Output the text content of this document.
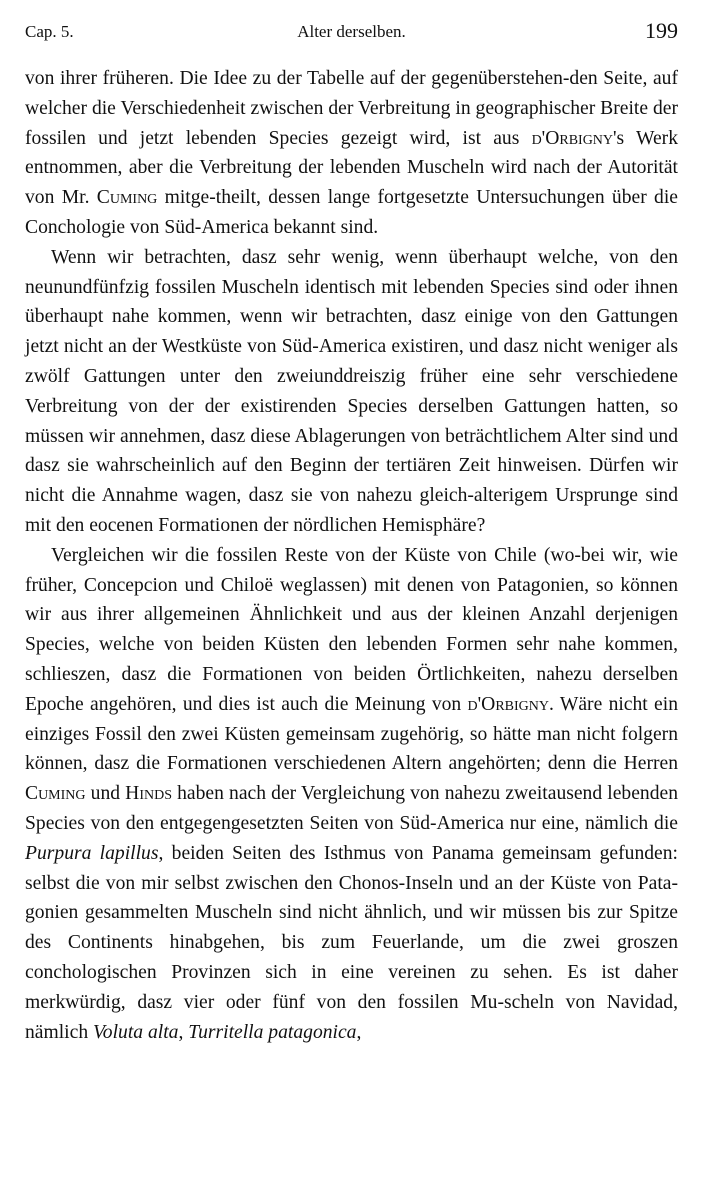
Cap. 5.	Alter derselben.	199

von ihrer früheren. Die Idee zu der Tabelle auf der gegenüberstehen-den Seite, auf welcher die Verschiedenheit zwischen der Verbreitung in geographischer Breite der fossilen und jetzt lebenden Species gezeigt wird, ist aus d'Orbigny's Werk entnommen, aber die Verbreitung der lebenden Muscheln wird nach der Autorität von Mr. Cuming mitge-theilt, dessen lange fortgesetzte Untersuchungen über die Conchologie von Süd-America bekannt sind.

Wenn wir betrachten, dasz sehr wenig, wenn überhaupt welche, von den neunundfünfzig fossilen Muscheln identisch mit lebenden Species sind oder ihnen überhaupt nahe kommen, wenn wir betrachten, dasz einige von den Gattungen jetzt nicht an der Westküste von Süd-America existiren, und dasz nicht weniger als zwölf Gattungen unter den zweiunddreiszig früher eine sehr verschiedene Verbreitung von der der existirenden Species derselben Gattungen hatten, so müssen wir annehmen, dasz diese Ablagerungen von beträchtlichem Alter sind und dasz sie wahrscheinlich auf den Beginn der tertiären Zeit hinweisen. Dürfen wir nicht die Annahme wagen, dasz sie von nahezu gleich-alterigem Ursprunge sind mit den eocenen Formationen der nördlichen Hemisphäre?

Vergleichen wir die fossilen Reste von der Küste von Chile (wo-bei wir, wie früher, Concepcion und Chiloë weglassen) mit denen von Patagonien, so können wir aus ihrer allgemeinen Ähnlichkeit und aus der kleinen Anzahl derjenigen Species, welche von beiden Küsten den lebenden Formen sehr nahe kommen, schlieszen, dasz die Formationen von beiden Örtlichkeiten, nahezu derselben Epoche angehören, und dies ist auch die Meinung von d'Orbigny. Wäre nicht ein einziges Fossil den zwei Küsten gemeinsam zugehörig, so hätte man nicht folgern können, dasz die Formationen verschiedenen Altern angehörten; denn die Herren Cuming und Hinds haben nach der Vergleichung von nahezu zweitausend lebenden Species von den entgegengesetzten Seiten von Süd-America nur eine, nämlich die Purpura lapillus, beiden Seiten des Isthmus von Panama gemeinsam gefunden: selbst die von mir selbst zwischen den Chonos-Inseln und an der Küste von Pata-gonien gesammelten Muscheln sind nicht ähnlich, und wir müssen bis zur Spitze des Continents hinabgehen, bis zum Feuerlande, um die zwei groszen conchologischen Provinzen sich in eine vereinen zu sehen. Es ist daher merkwürdig, dasz vier oder fünf von den fossilen Mu-scheln von Navidad, nämlich Voluta alta, Turritella patagonica,
